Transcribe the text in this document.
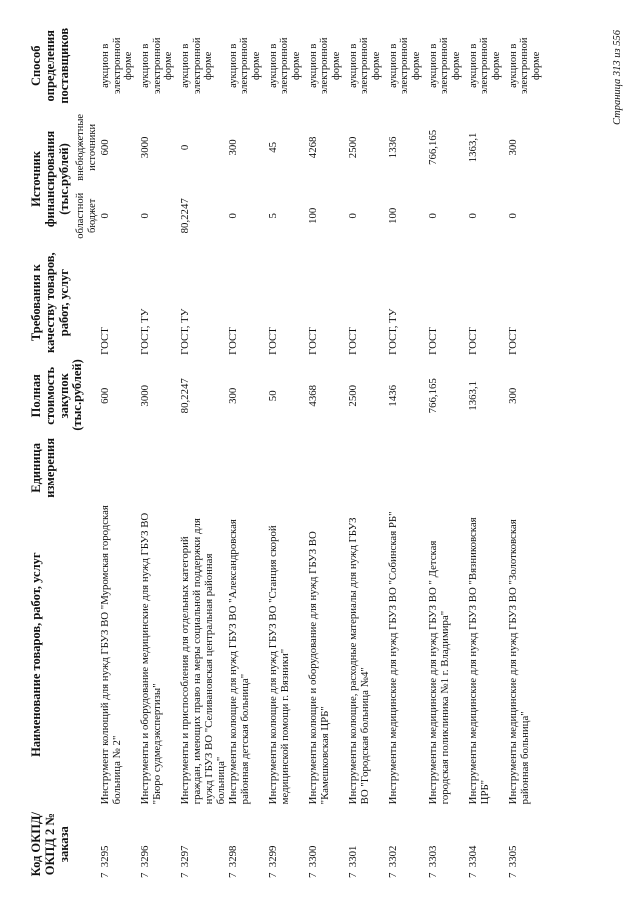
Код ОКПД/ ОКПД 2 № заказа	Наименование товаров, работ, услуг	Единица измерения	Полная стоимость закупок (тыс.рублей)	Требования к качеству товаров, работ, услуг	Источник финансирования (тыс.рублей)		Способ определения поставщиков
					областной бюджет	внебюджетные источники	
7  3295	Инструмент колющий для нужд ГБУЗ ВО "Муромская городская больница № 2"		600	ГОСТ	0	600	аукцион в электронной форме
7  3296	Инструменты и оборудование медицинские для нужд ГБУЗ ВО "Бюро судмедэкспертизы"		3000	ГОСТ, ТУ	0	3000	аукцион в электронной форме
7  3297	Инструменты и приспособления для отдельных категорий граждан, имеющих право на меры социальной поддержки для нужд ГБУЗ ВО "Селивановская центральная районная больница"		80,2247	ГОСТ, ТУ	80,2247	0	аукцион в электронной форме
7  3298	Инструменты колющие для нужд ГБУЗ ВО "Александровская районная детская больница"		300	ГОСТ	0	300	аукцион в электронной форме
7  3299	Инструменты колющие для нужд ГБУЗ ВО "Станция скорой медицинской помощи г. Вязники"		50	ГОСТ	5	45	аукцион в электронной форме
7  3300	Инструменты колющие и оборудование для нужд ГБУЗ ВО "Камешковская ЦРБ"		4368	ГОСТ	100	4268	аукцион в электронной форме
7  3301	Инструменты колющие, расходные материалы для нужд ГБУЗ ВО "Городская больница №4"		2500	ГОСТ	0	2500	аукцион в электронной форме
7  3302	Инструменты медицинские для нужд ГБУЗ ВО "Собинская РБ"		1436	ГОСТ, ТУ	100	1336	аукцион в электронной форме
7  3303	Инструменты медицинские для нужд ГБУЗ ВО " Детская городская поликлиника №1 г. Владимира"		766,165	ГОСТ	0	766,165	аукцион в электронной форме
7  3304	Инструменты медицинские для нужд ГБУЗ ВО "Вязниковская ЦРБ"		1363,1	ГОСТ	0	1363,1	аукцион в электронной форме
7  3305	Инструменты медицинские для нужд ГБУЗ ВО "Золотковская районная больница"		300	ГОСТ	0	300	аукцион в электронной форме	Страница 313 из 556
